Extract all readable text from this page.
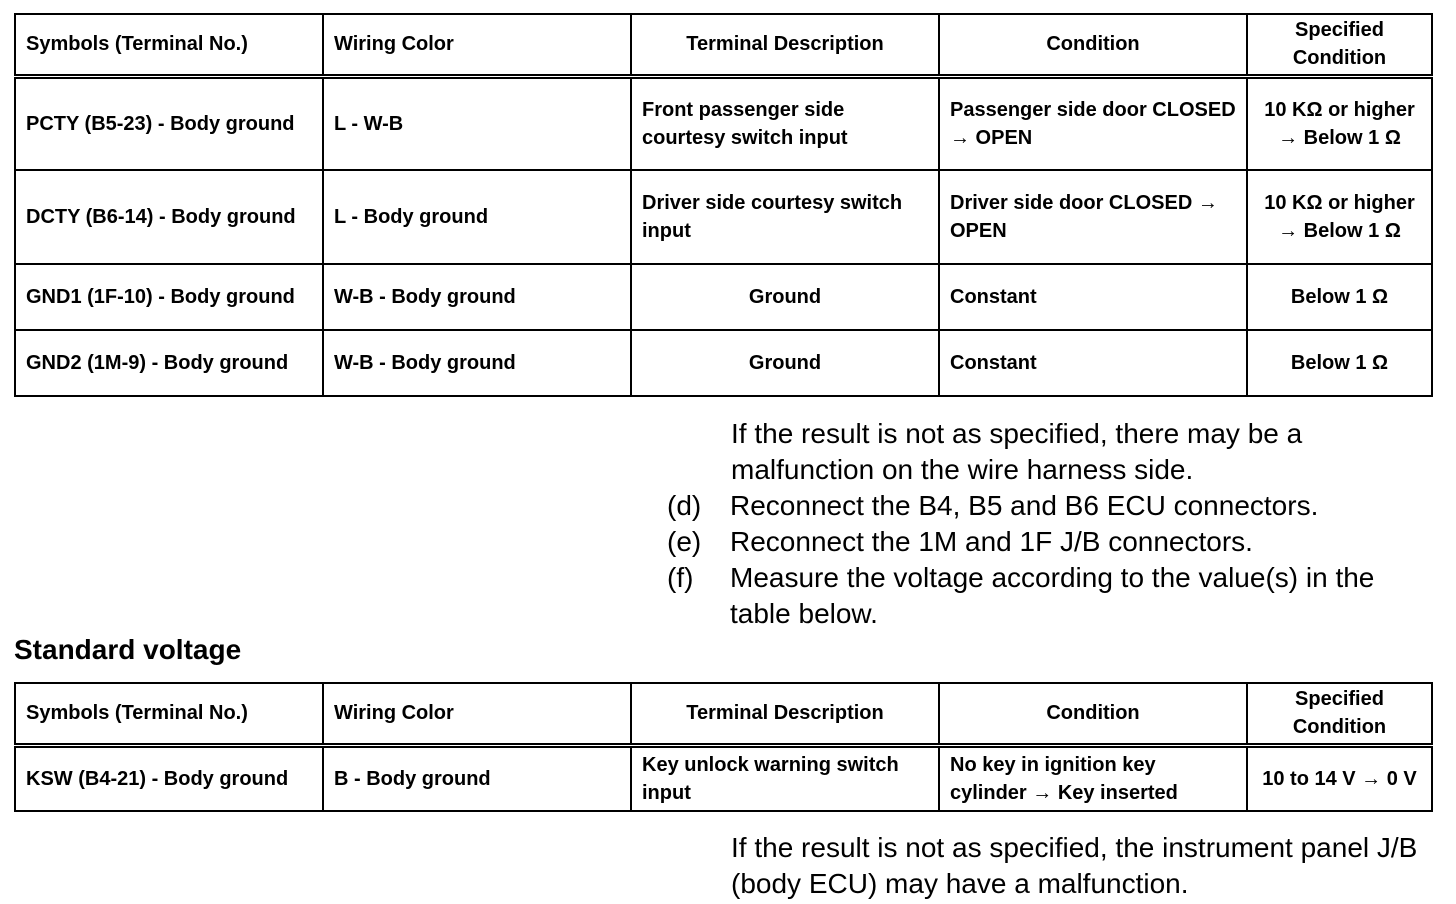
Symbols (Terminal No.)	Wiring Color	Terminal Description	Condition	Specified Condition
PCTY (B5-23) - Body ground	L - W-B	Front passenger side courtesy switch input	Passenger side door CLOSED → OPEN	10 KΩ or higher → Below 1 Ω
DCTY (B6-14) - Body ground	L - Body ground	Driver side courtesy switch input	Driver side door CLOSED → OPEN	10 KΩ or higher → Below 1 Ω
GND1 (1F-10) - Body ground	W-B - Body ground	Ground	Constant	Below 1 Ω
GND2 (1M-9) - Body ground	W-B - Body ground	Ground	Constant	Below 1 Ω
If the result is not as specified, there may be a malfunction on the wire harness side.
(d)	Reconnect the B4, B5 and B6 ECU connectors.
(e)	Reconnect the 1M and 1F J/B connectors.
(f)	Measure the voltage according to the value(s) in the table below.
Standard voltage
Symbols (Terminal No.)	Wiring Color	Terminal Description	Condition	Specified Condition
KSW (B4-21) - Body ground	B - Body ground	Key unlock warning switch input	No key in ignition key cylinder → Key inserted	10 to 14 V → 0 V
If the result is not as specified, the instrument panel J/B (body ECU) may have a malfunction.
